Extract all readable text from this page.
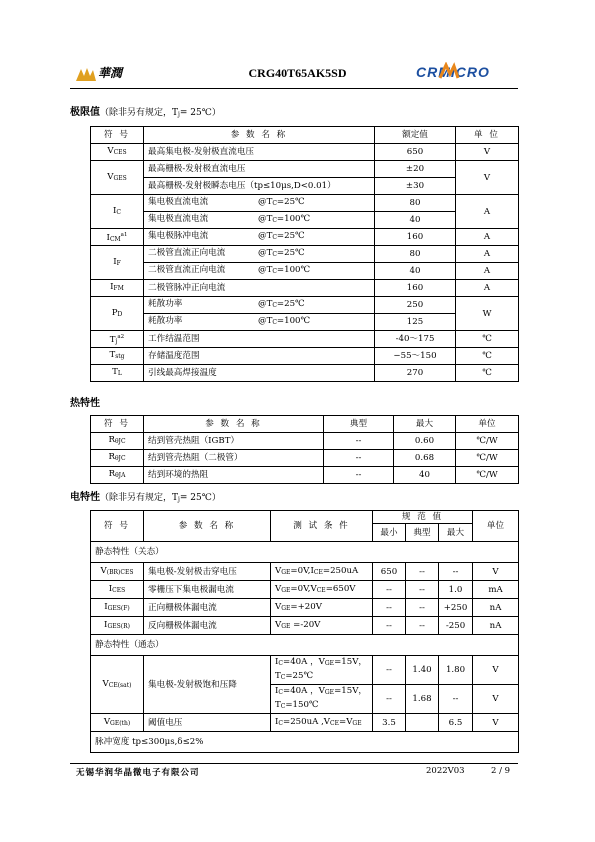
華潤	CRG40T65AK5SD	CRMICRO
极限值（除非另有规定，Tj= 25℃）
符 号	参 数 名 称	额定值	单 位
VCES	最高集电极-发射极直流电压	650	V
VGES	最高栅极-发射极直流电压	±20	V
	最高栅极-发射极瞬态电压（tp≤10μs,D<0.01）	±30	
IC	集电极直流电流 @TC=25℃	80	A
	集电极直流电流 @TC=100℃	40	
$ICM^{a1}$	集电极脉冲电流 @TC=25℃	160	A
IF	二极管直流正向电流 @TC=25℃	80	A
	二极管直流正向电流 @TC=100℃	40	A
IFM	二极管脉冲正向电流	160	A
PD	耗散功率 @TC=25℃	250	W
	耗散功率 @TC=100℃	125	
$Tj^{a2}$	工作结温范围	-40～175	℃
Tstg	存储温度范围	−55～150	℃
TL	引线最高焊接温度	270	℃
热特性
符 号	参 数 名 称	典型	最大	单位
RθJC	结到管壳热阻（IGBT）	--	0.60	℃/W
RθJC	结到管壳热阻（二极管）	--	0.68	℃/W
RθJA	结到环境的热阻	--	40	℃/W
电特性（除非另有规定，Tj= 25℃）
符 号	参 数 名 称	测 试 条 件	规 范 值			单位
			最小	典型	最大	
静态特性（关态）						
V(BR)CES	集电极-发射极击穿电压	VGE=0V,ICE=250uA	650	--	--	V
ICES	零栅压下集电极漏电流	VGE=0V,VCE=650V	--	--	1.0	mA
IGES(F)	正向栅极体漏电流	VGE=+20V	--	--	+250	nA
IGES(R)	反向栅极体漏电流	VGE =-20V	--	--	-250	nA
静态特性（通态）						
VCE(sat)	集电极-发射极饱和压降	IC=40A ，VGE=15V，
TC=25℃	--	1.40	1.80	V
		IC=40A ，VGE=15V，
TC=150℃	--	1.68	--	V
VGE(th)	阈值电压	IC=250uA ,VCE=VGE	3.5		6.5	V
脉冲宽度 tp≤300μs,δ≤2%						
无锡华润华晶微电子有限公司	2022V03	2 / 9
